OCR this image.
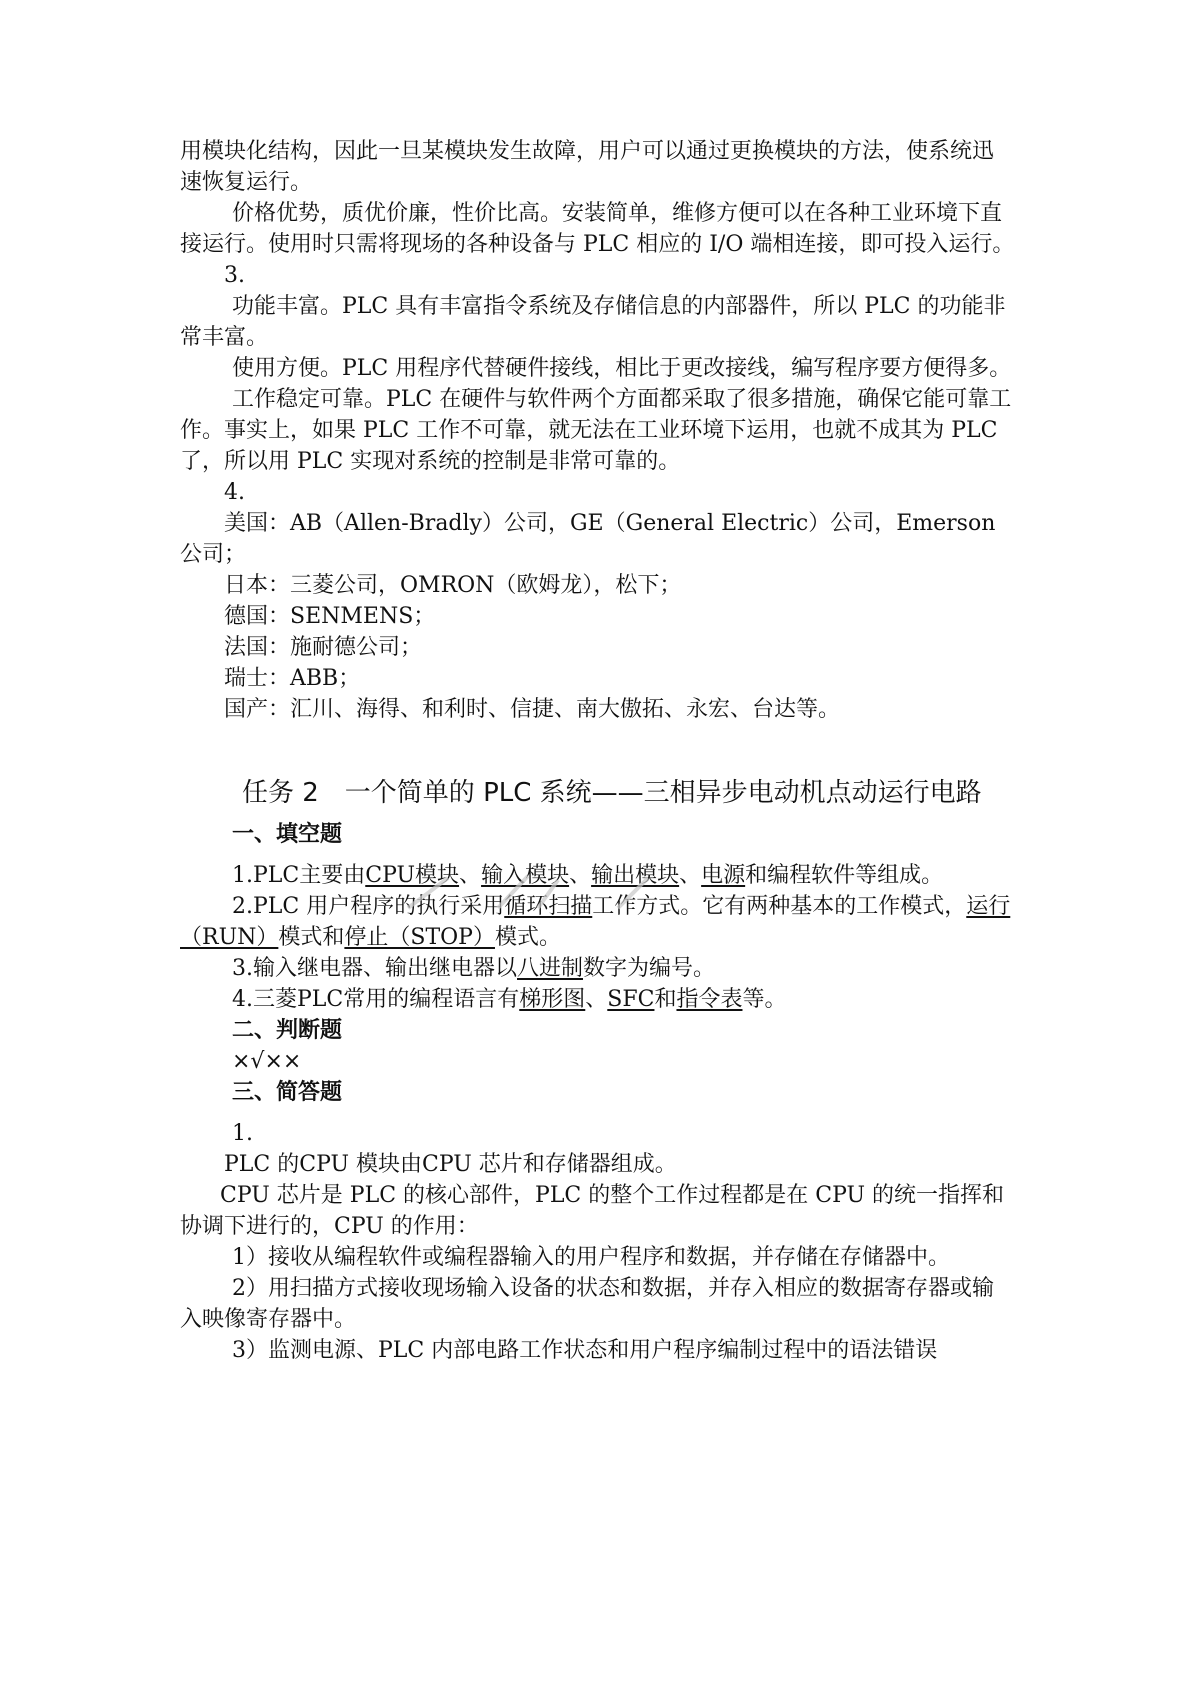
用模块化结构，因此一旦某模块发生故障，用户可以通过更换模块的方法，使系统迅速恢复运行。

价格优势，质优价廉，性价比高。安装简单，维修方便可以在各种工业环境下直接运行。使用时只需将现场的各种设备与 PLC 相应的 I/O 端相连接，即可投入运行。

3.

功能丰富。PLC 具有丰富指令系统及存储信息的内部器件，所以 PLC 的功能非常丰富。

使用方便。PLC 用程序代替硬件接线，相比于更改接线，编写程序要方便得多。

工作稳定可靠。PLC 在硬件与软件两个方面都采取了很多措施，确保它能可靠工作。事实上，如果 PLC 工作不可靠，就无法在工业环境下运用，也就不成其为 PLC 了，所以用 PLC 实现对系统的控制是非常可靠的。

4.

美国：AB（Allen-Bradly）公司，GE（General Electric）公司，Emerson 公司；

日本：三菱公司，OMRON（欧姆龙），松下；

德国：SENMENS；

法国：施耐德公司；

瑞士：ABB；

国产：汇川、海得、和利时、信捷、南大傲拓、永宏、台达等。

任务 2　一个简单的 PLC 系统——三相异步电动机点动运行电路
一、填空题

1.PLC主要由CPU模块、输入模块、输出模块、电源和编程软件等组成。

2.PLC 用户程序的执行采用循环扫描工作方式。它有两种基本的工作模式，运行（RUN）模式和停止（STOP）模式。

3.输入继电器、输出继电器以八进制数字为编号。

4.三菱PLC常用的编程语言有梯形图、SFC和指令表等。

二、判断题
×√××
三、简答题

1.

PLC 的CPU 模块由CPU 芯片和存储器组成。

CPU 芯片是 PLC 的核心部件，PLC 的整个工作过程都是在 CPU 的统一指挥和协调下进行的，CPU 的作用：

1）接收从编程软件或编程器输入的用户程序和数据，并存储在存储器中。

2）用扫描方式接收现场输入设备的状态和数据，并存入相应的数据寄存器或输入映像寄存器中。

3）监测电源、PLC 内部电路工作状态和用户程序编制过程中的语法错误
